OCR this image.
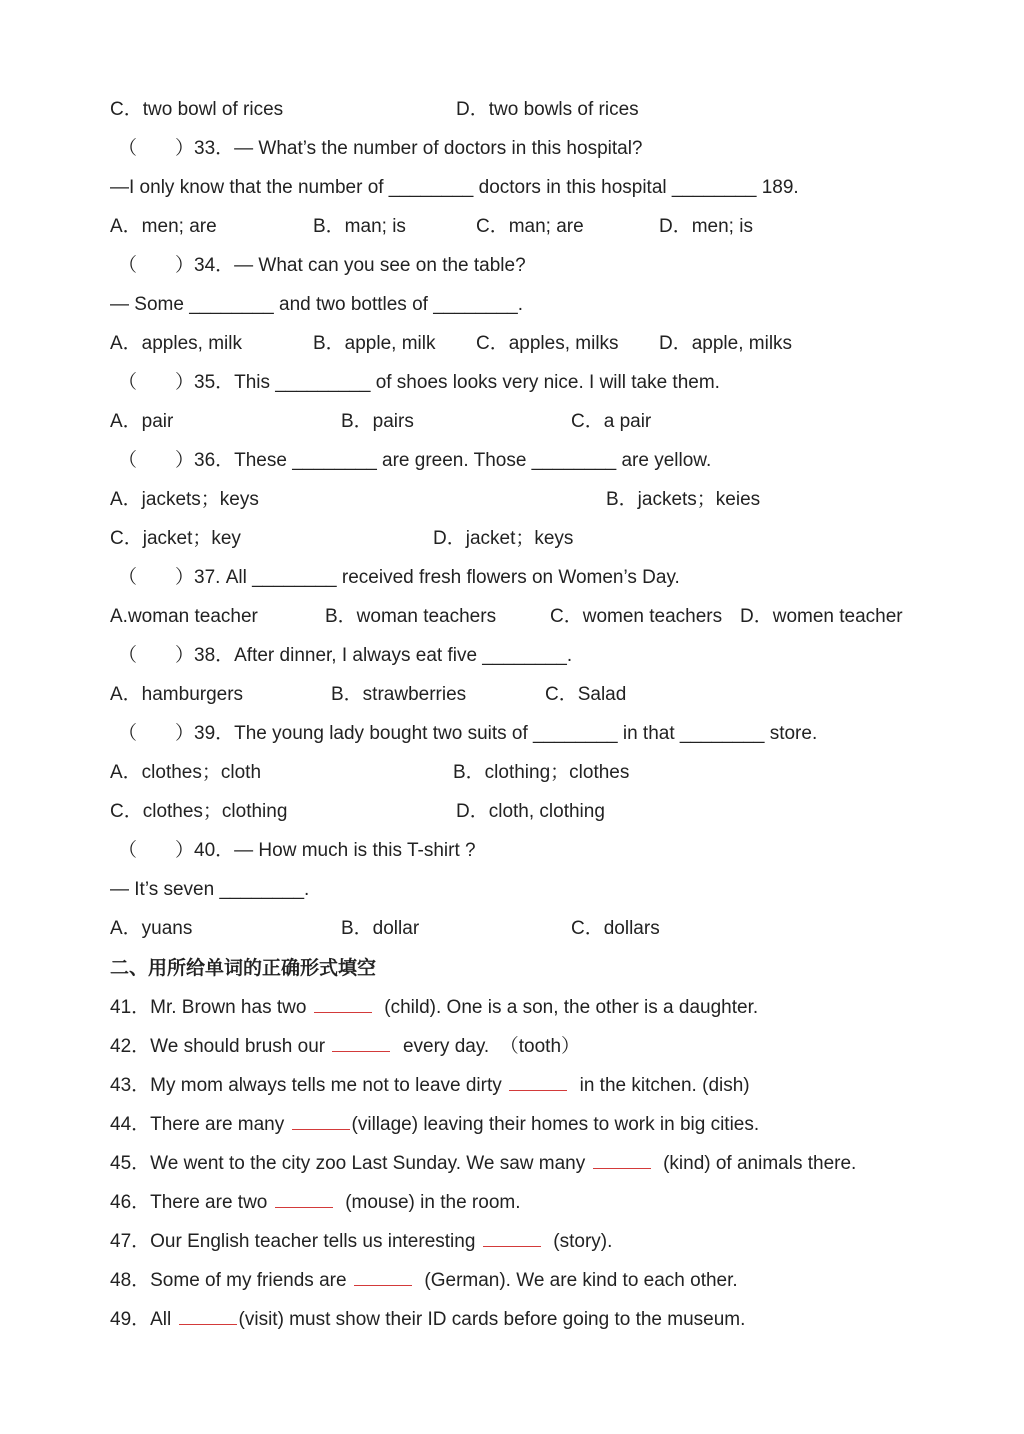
C．two bowl of rices	D．two bowls of rices
（　　）33．— What’s the number of doctors in this hospital?
—I only know that the number of ________ doctors in this hospital ________ 189.
A．men; are	B．man; is	C．man; are	D．men; is
（　　）34．— What can you see on the table?
— Some ________ and two bottles of ________.
A．apples, milk	B．apple, milk C．apples, milks D．apple, milks
（　　）35．This _________ of shoes looks very nice. I will take them.
A．pair	B．pairs	C．a pair
（　　）36．These ________ are green. Those ________ are yellow.
A．jackets；keys	B．jackets；keies
C．jacket；key	D．jacket；keys
（　　）37. All ________ received fresh flowers on Women’s Day.
A.woman teacher	B．woman teachers	C．women teachers D．women teacher
（　　）38．After dinner, I always eat five ________.
A．hamburgers	B．strawberries	C．Salad
（　　）39．The young lady bought two suits of ________ in that ________ store.
A．clothes；cloth	B．clothing；clothes
C．clothes；clothing	D．cloth, clothing
（　　）40．— How much is this T-shirt ?
— It’s seven ________.
A．yuans	B．dollar	C．dollars
二、用所给单词的正确形式填空
41．Mr. Brown has two	(child). One is a son, the other is a daughter.
42．We should brush our	every day.  （tooth）
43．My mom always tells me not to leave dirty	in the kitchen. (dish)
44．There are many	(village) leaving their homes to work in big cities.
45．We went to the city zoo Last Sunday. We saw many	(kind) of animals there.
46．There are two	(mouse) in the room.
47．Our English teacher tells us interesting	(story).
48．Some of my friends are	(German). We are kind to each other.
49．All	(visit) must show their ID cards before going to the museum.
